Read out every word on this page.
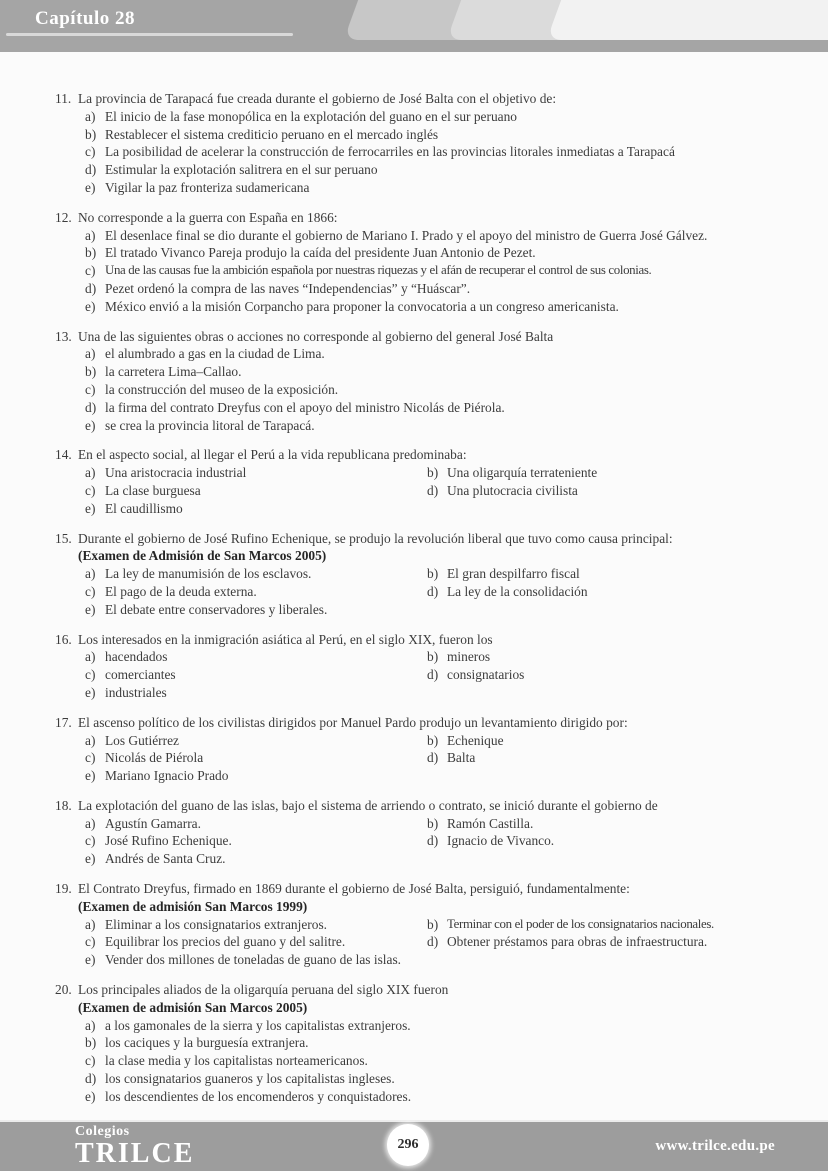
Capítulo 28
11. La provincia de Tarapacá fue creada durante el gobierno de José Balta con el objetivo de:
a) El inicio de la fase monopólica en la explotación del guano en el sur peruano
b) Restablecer el sistema crediticio peruano en el mercado inglés
c) La posibilidad de acelerar la construcción de ferrocarriles en las provincias litorales inmediatas a Tarapacá
d) Estimular la explotación salitrera en el sur peruano
e) Vigilar la paz fronteriza sudamericana
12. No corresponde a la guerra con España en 1866:
a) El desenlace final se dio durante el gobierno de Mariano I. Prado y el apoyo del ministro de Guerra José Gálvez.
b) El tratado Vivanco Pareja produjo la caída del presidente Juan Antonio de Pezet.
c) Una de las causas fue la ambición española por nuestras riquezas y el afán de recuperar el control de sus colonias.
d) Pezet ordenó la compra de las naves “Independencias” y “Huáscar”.
e) México envió a la misión Corpancho para proponer la convocatoria a un congreso americanista.
13. Una de las siguientes obras o acciones no corresponde al gobierno del general José Balta
a) el alumbrado a gas en la ciudad de Lima.
b) la carretera Lima–Callao.
c) la construcción del museo de la exposición.
d) la firma del contrato Dreyfus con el apoyo del ministro Nicolás de Piérola.
e) se crea la provincia litoral de Tarapacá.
14. En el aspecto social, al llegar el Perú a la vida republicana predominaba:
a) Una aristocracia industrial	b) Una oligarquía terrateniente
c) La clase burguesa	d) Una plutocracia civilista
e) El caudillismo
15. Durante el gobierno de José Rufino Echenique, se produjo la revolución liberal que tuvo como causa principal:
(Examen de Admisión de San Marcos 2005)
a) La ley de manumisión de los esclavos.	b) El gran despilfarro fiscal
c) El pago de la deuda externa.	d) La ley de la consolidación
e) El debate entre conservadores y liberales.
16. Los interesados en la inmigración asiática al Perú, en el siglo XIX, fueron los
a) hacendados	b) mineros
c) comerciantes	d) consignatarios
e) industriales
17. El ascenso político de los civilistas dirigidos por Manuel Pardo produjo un levantamiento dirigido por:
a) Los Gutiérrez	b) Echenique
c) Nicolás de Piérola	d) Balta
e) Mariano Ignacio Prado
18. La explotación del guano de las islas, bajo el sistema de arriendo o contrato, se inició durante el gobierno de
a) Agustín Gamarra.	b) Ramón Castilla.
c) José Rufino Echenique.	d) Ignacio de Vivanco.
e) Andrés de Santa Cruz.
19. El Contrato Dreyfus, firmado en 1869 durante el gobierno de José Balta, persiguió, fundamentalmente:
(Examen de admisión San Marcos 1999)
a) Eliminar a los consignatarios extranjeros.	b) Terminar con el poder de los consignatarios nacionales.
c) Equilibrar los precios del guano y del salitre.	d) Obtener préstamos para obras de infraestructura.
e) Vender dos millones de toneladas de guano de las islas.
20. Los principales aliados de la oligarquía peruana del siglo XIX fueron
(Examen de admisión San Marcos 2005)
a) a los gamonales de la sierra y los capitalistas extranjeros.
b) los caciques y la burguesía extranjera.
c) la clase media y los capitalistas norteamericanos.
d) los consignatarios guaneros y los capitalistas ingleses.
e) los descendientes de los encomenderos y conquistadores.
Colegios
TRILCE	296	www.trilce.edu.pe
